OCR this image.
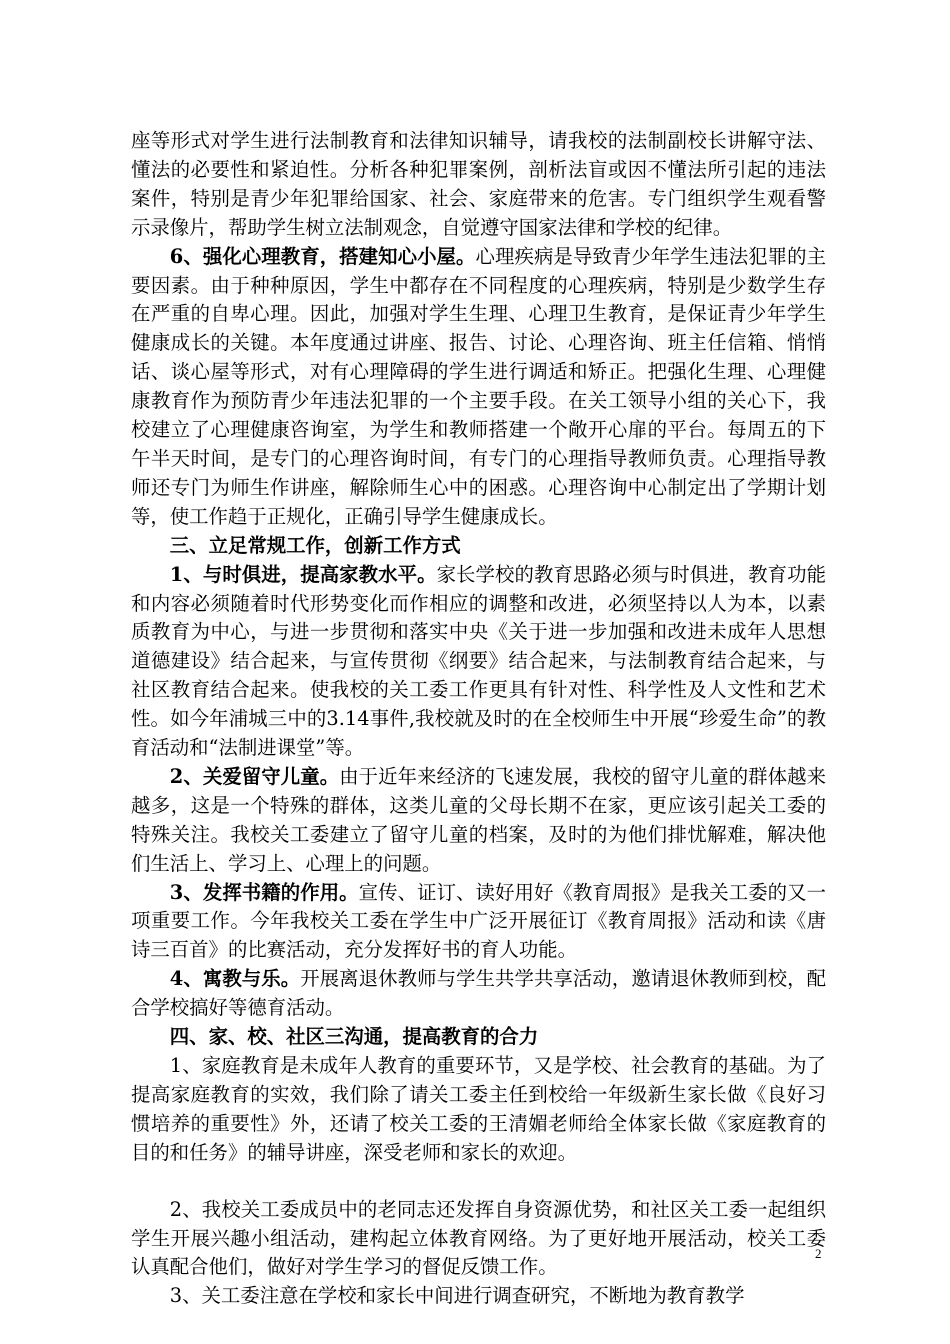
座等形式对学生进行法制教育和法律知识辅导，请我校的法制副校长讲解守法、懂法的必要性和紧迫性。分析各种犯罪案例，剖析法盲或因不懂法所引起的违法案件，特别是青少年犯罪给国家、社会、家庭带来的危害。专门组织学生观看警示录像片，帮助学生树立法制观念，自觉遵守国家法律和学校的纪律。

6、强化心理教育，搭建知心小屋。心理疾病是导致青少年学生违法犯罪的主要因素。由于种种原因，学生中都存在不同程度的心理疾病，特别是少数学生存在严重的自卑心理。因此，加强对学生生理、心理卫生教育，是保证青少年学生健康成长的关键。本年度通过讲座、报告、讨论、心理咨询、班主任信箱、悄悄话、谈心屋等形式，对有心理障碍的学生进行调适和矫正。把强化生理、心理健康教育作为预防青少年违法犯罪的一个主要手段。在关工领导小组的关心下，我校建立了心理健康咨询室，为学生和教师搭建一个敞开心扉的平台。每周五的下午半天时间，是专门的心理咨询时间，有专门的心理指导教师负责。心理指导教师还专门为师生作讲座，解除师生心中的困惑。心理咨询中心制定出了学期计划等，使工作趋于正规化，正确引导学生健康成长。

三、立足常规工作，创新工作方式

1、与时俱进，提高家教水平。家长学校的教育思路必须与时俱进，教育功能和内容必须随着时代形势变化而作相应的调整和改进，必须坚持以人为本，以素质教育为中心，与进一步贯彻和落实中央《关于进一步加强和改进未成年人思想道德建设》结合起来，与宣传贯彻《纲要》结合起来，与法制教育结合起来，与社区教育结合起来。使我校的关工委工作更具有针对性、科学性及人文性和艺术性。如今年浦城三中的3.14事件,我校就及时的在全校师生中开展“珍爱生命”的教育活动和“法制进课堂”等。

2、关爱留守儿童。由于近年来经济的飞速发展，我校的留守儿童的群体越来越多，这是一个特殊的群体，这类儿童的父母长期不在家，更应该引起关工委的特殊关注。我校关工委建立了留守儿童的档案，及时的为他们排忧解难，解决他们生活上、学习上、心理上的问题。

3、发挥书籍的作用。宣传、证订、读好用好《教育周报》是我关工委的又一项重要工作。今年我校关工委在学生中广泛开展征订《教育周报》活动和读《唐诗三百首》的比赛活动，充分发挥好书的育人功能。

4、寓教与乐。开展离退休教师与学生共学共享活动，邀请退休教师到校，配合学校搞好等德育活动。

四、家、校、社区三沟通，提高教育的合力

1、家庭教育是未成年人教育的重要环节，又是学校、社会教育的基础。为了提高家庭教育的实效，我们除了请关工委主任到校给一年级新生家长做《良好习惯培养的重要性》外，还请了校关工委的王清媚老师给全体家长做《家庭教育的目的和任务》的辅导讲座，深受老师和家长的欢迎。

2、我校关工委成员中的老同志还发挥自身资源优势，和社区关工委一起组织学生开展兴趣小组活动，建构起立体教育网络。为了更好地开展活动，校关工委认真配合他们，做好对学生学习的督促反馈工作。

3、关工委注意在学校和家长中间进行调查研究，不断地为教育教学

2
